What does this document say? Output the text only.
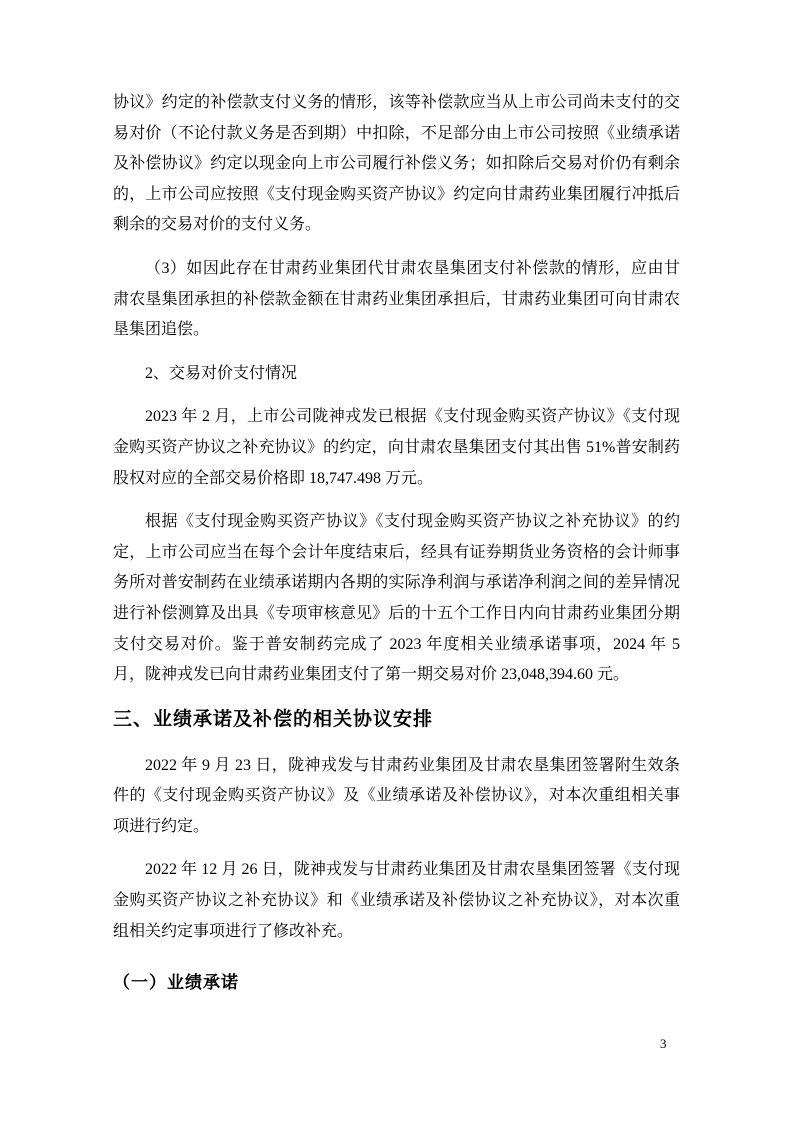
协议》约定的补偿款支付义务的情形，该等补偿款应当从上市公司尚未支付的交易对价（不论付款义务是否到期）中扣除，不足部分由上市公司按照《业绩承诺及补偿协议》约定以现金向上市公司履行补偿义务；如扣除后交易对价仍有剩余的，上市公司应按照《支付现金购买资产协议》约定向甘肃药业集团履行冲抵后剩余的交易对价的支付义务。

（3）如因此存在甘肃药业集团代甘肃农垦集团支付补偿款的情形，应由甘肃农垦集团承担的补偿款金额在甘肃药业集团承担后，甘肃药业集团可向甘肃农垦集团追偿。

2、交易对价支付情况

2023 年 2 月，上市公司陇神戎发已根据《支付现金购买资产协议》《支付现金购买资产协议之补充协议》的约定，向甘肃农垦集团支付其出售 51%普安制药股权对应的全部交易价格即 18,747.498 万元。

根据《支付现金购买资产协议》《支付现金购买资产协议之补充协议》的约定，上市公司应当在每个会计年度结束后，经具有证券期货业务资格的会计师事务所对普安制药在业绩承诺期内各期的实际净利润与承诺净利润之间的差异情况进行补偿测算及出具《专项审核意见》后的十五个工作日内向甘肃药业集团分期支付交易对价。鉴于普安制药完成了 2023 年度相关业绩承诺事项，2024 年 5 月，陇神戎发已向甘肃药业集团支付了第一期交易对价 23,048,394.60 元。

三、业绩承诺及补偿的相关协议安排

2022 年 9 月 23 日，陇神戎发与甘肃药业集团及甘肃农垦集团签署附生效条件的《支付现金购买资产协议》及《业绩承诺及补偿协议》，对本次重组相关事项进行约定。

2022 年 12 月 26 日，陇神戎发与甘肃药业集团及甘肃农垦集团签署《支付现金购买资产协议之补充协议》和《业绩承诺及补偿协议之补充协议》，对本次重组相关约定事项进行了修改补充。

（一）业绩承诺
3
